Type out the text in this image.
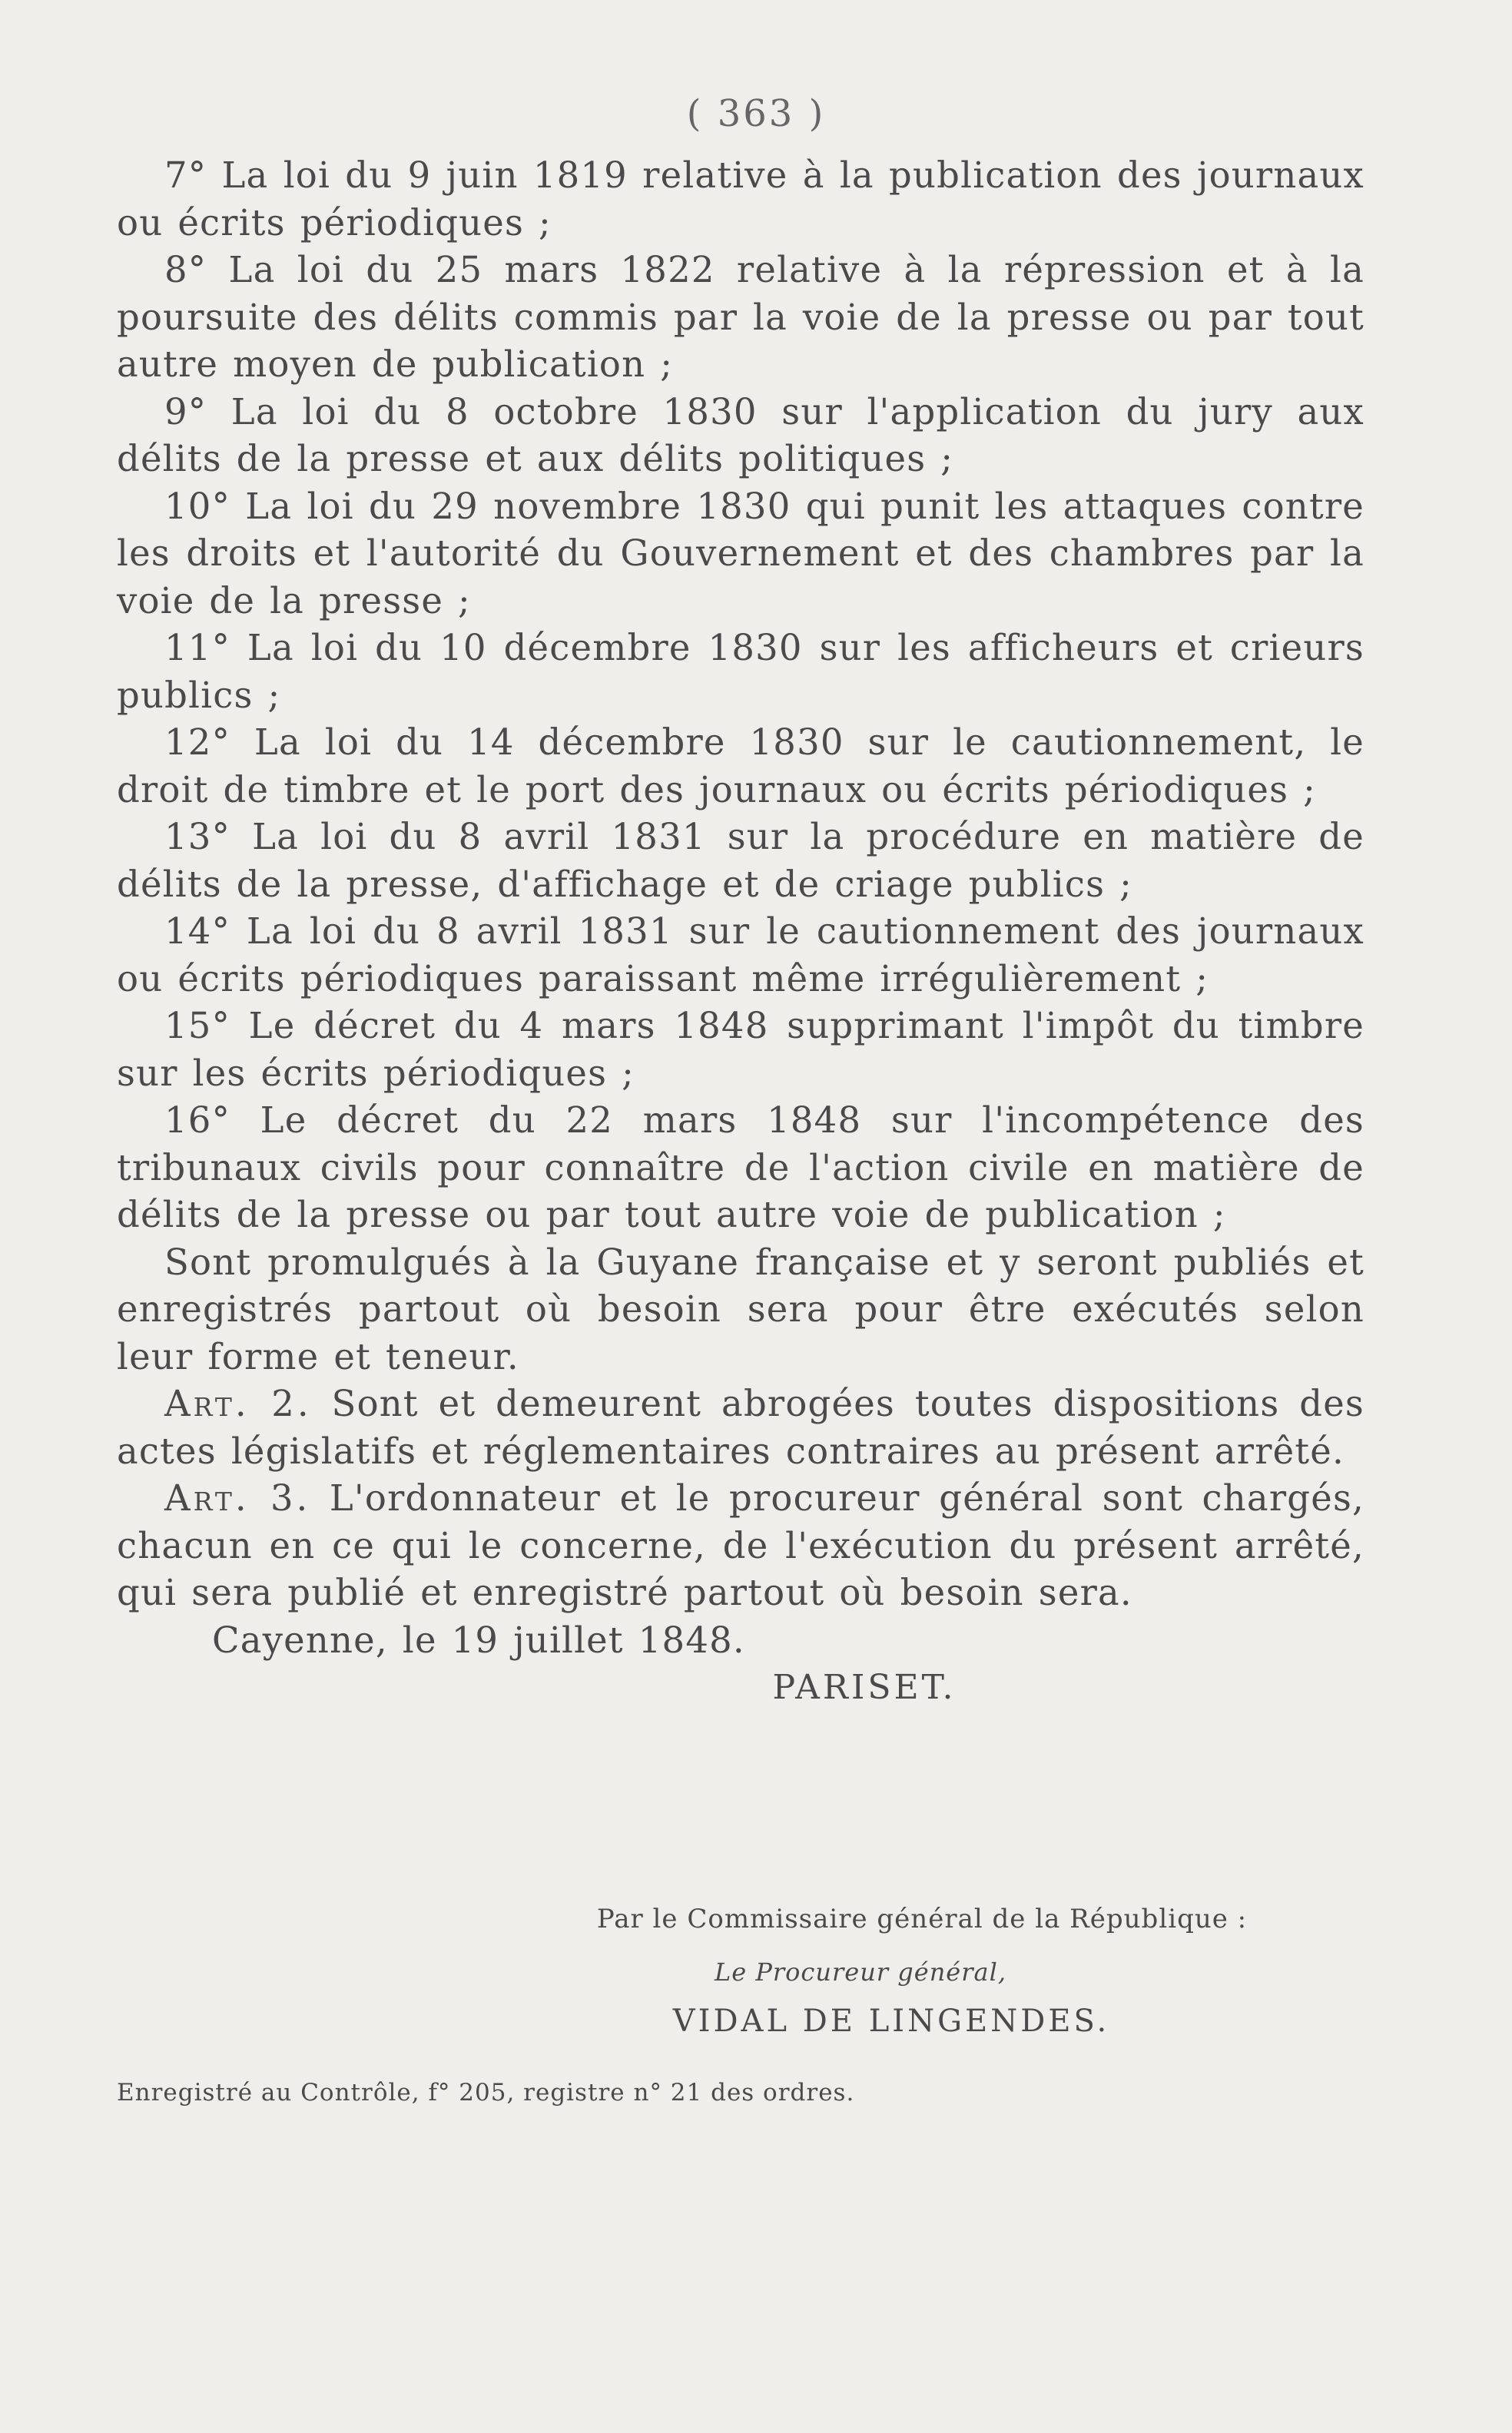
( 363 )

7° La loi du 9 juin 1819 relative à la publication des journaux ou écrits périodiques ;

8° La loi du 25 mars 1822 relative à la répression et à la poursuite des délits commis par la voie de la presse ou par tout autre moyen de publication ;

9° La loi du 8 octobre 1830 sur l'application du jury aux délits de la presse et aux délits politiques ;

10° La loi du 29 novembre 1830 qui punit les attaques contre les droits et l'autorité du Gouvernement et des chambres par la voie de la presse ;

11° La loi du 10 décembre 1830 sur les afficheurs et crieurs publics ;

12° La loi du 14 décembre 1830 sur le cautionnement, le droit de timbre et le port des journaux ou écrits périodiques ;

13° La loi du 8 avril 1831 sur la procédure en matière de délits de la presse, d'affichage et de criage publics ;

14° La loi du 8 avril 1831 sur le cautionnement des journaux ou écrits périodiques paraissant même irrégulièrement ;

15° Le décret du 4 mars 1848 supprimant l'impôt du timbre sur les écrits périodiques ;

16° Le décret du 22 mars 1848 sur l'incompétence des tribunaux civils pour connaître de l'action civile en matière de délits de la presse ou par tout autre voie de publication ;

Sont promulgués à la Guyane française et y seront publiés et enregistrés partout où besoin sera pour être exécutés selon leur forme et teneur.

Art. 2. Sont et demeurent abrogées toutes dispositions des actes législatifs et réglementaires contraires au présent arrêté.

Art. 3. L'ordonnateur et le procureur général sont chargés, chacun en ce qui le concerne, de l'exécution du présent arrêté, qui sera publié et enregistré partout où besoin sera.

Cayenne, le 19 juillet 1848.

PARISET.

Par le Commissaire général de la République :
Le Procureur général,
VIDAL DE LINGENDES.
Enregistré au Contrôle, f° 205, registre n° 21 des ordres.
